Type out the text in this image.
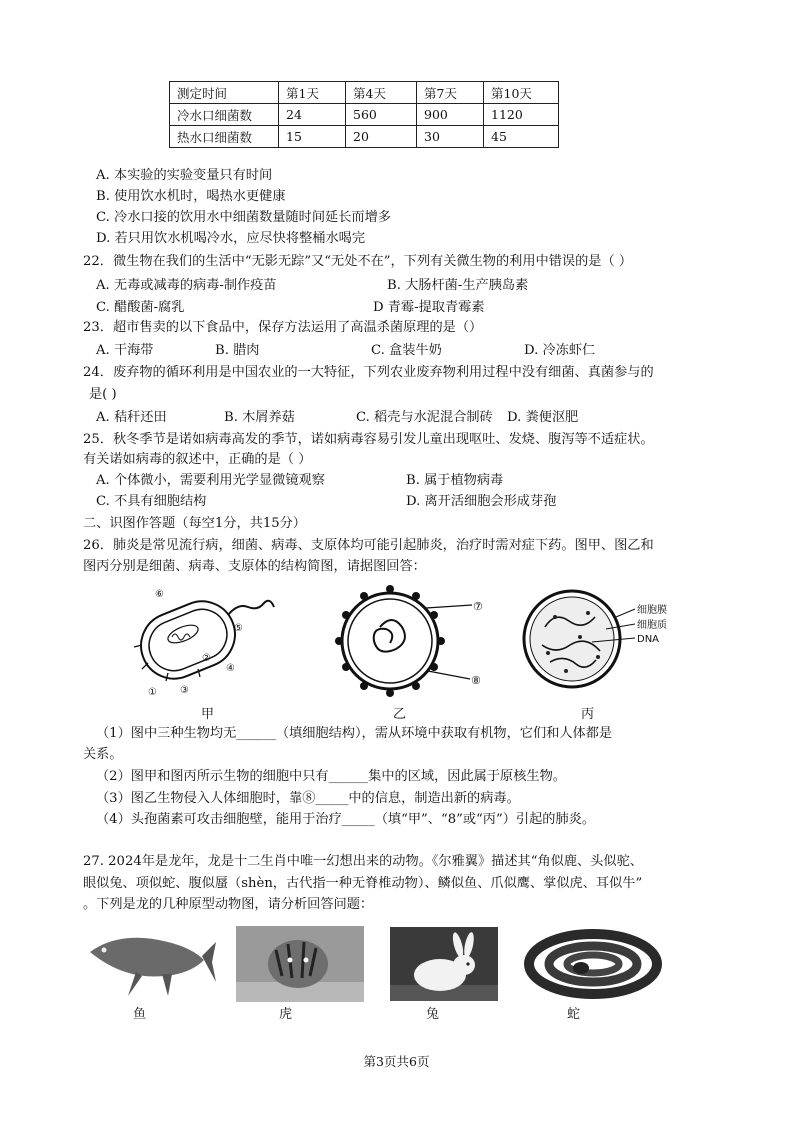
测定时间	第1天	第4天	第7天	第10天
冷水口细菌数	24	560	900	1120
热水口细菌数	15	20	30	45
A. 本实验的实验变量只有时间
B. 使用饮水机时，喝热水更健康
C. 冷水口接的饮用水中细菌数量随时间延长而增多
D. 若只用饮水机喝冷水，应尽快将整桶水喝完
22．微生物在我们的生活中“无影无踪”又“无处不在”，下列有关微生物的利用中错误的是（ ）
A. 无毒或减毒的病毒-制作疫苗	B. 大肠杆菌-生产胰岛素
C. 醋酸菌-腐乳	D 青霉-提取青霉素
23．超市售卖的以下食品中，保存方法运用了高温杀菌原理的是（）
A. 干海带	B. 腊肉	C. 盒装牛奶	D. 冷冻虾仁
24．废弃物的循环利用是中国农业的一大特征，下列农业废弃物利用过程中没有细菌、真菌参与的
是( )
A. 秸秆还田	B. 木屑养菇	C. 稻壳与水泥混合制砖 D. 粪便沤肥
25．秋冬季节是诺如病毒高发的季节，诺如病毒容易引发儿童出现呕吐、发烧、腹泻等不适症状。
有关诺如病毒的叙述中，正确的是（ ）
A. 个体微小，需要利用光学显微镜观察	B. 属于植物病毒
C. 不具有细胞结构	D. 离开活细胞会形成芽孢
二、识图作答题（每空1分，共15分）
26．肺炎是常见流行病，细菌、病毒、支原体均可能引起肺炎，治疗时需对症下药。图甲、图乙和
图丙分别是细菌、病毒、支原体的结构简图，请据图回答：
⑥
⑤
④
②
③
①
⑦
⑧
细胞膜
细胞质
DNA
甲	乙	丙
（1）图中三种生物均无______（填细胞结构），需从环境中获取有机物，它们和人体都是
关系。
（2）图甲和图丙所示生物的细胞中只有______集中的区域，因此属于原核生物。
（3）图乙生物侵入人体细胞时，靠⑧_____中的信息，制造出新的病毒。
（4）头孢菌素可攻击细胞壁，能用于治疗_____（填“甲”、“8”或“丙”）引起的肺炎。
27. 2024年是龙年，龙是十二生肖中唯一幻想出来的动物。《尔雅翼》描述其“角似鹿、头似驼、
眼似兔、项似蛇、腹似蜃（shèn，古代指一种无脊椎动物）、鳞似鱼、爪似鹰、掌似虎、耳似牛”
。下列是龙的几种原型动物图，请分析回答问题：
鱼	虎	兔	蛇
第3页共6页
